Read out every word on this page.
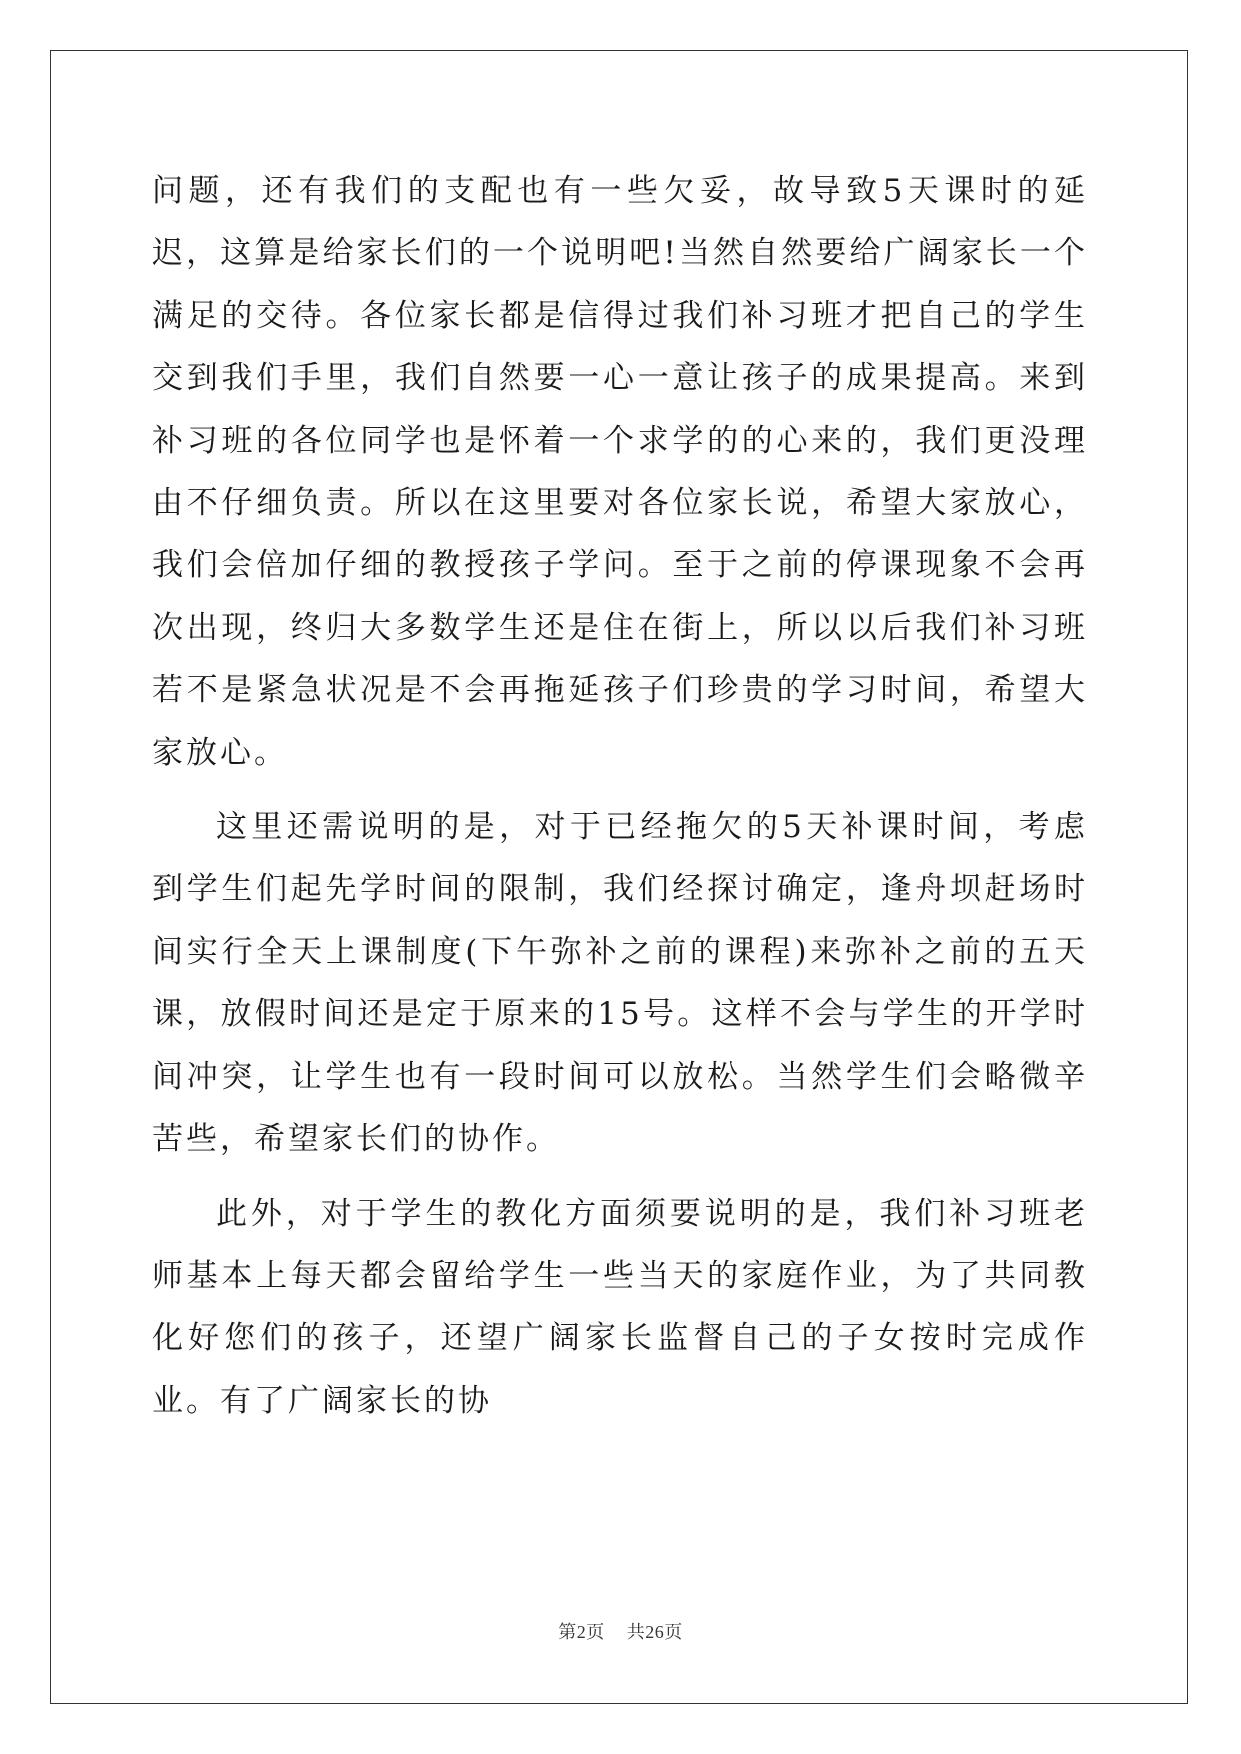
问题，还有我们的支配也有一些欠妥，故导致5天课时的延迟，这算是给家长们的一个说明吧!当然自然要给广阔家长一个满足的交待。各位家长都是信得过我们补习班才把自己的学生交到我们手里，我们自然要一心一意让孩子的成果提高。来到补习班的各位同学也是怀着一个求学的的心来的，我们更没理由不仔细负责。所以在这里要对各位家长说，希望大家放心，我们会倍加仔细的教授孩子学问。至于之前的停课现象不会再次出现，终归大多数学生还是住在街上，所以以后我们补习班若不是紧急状况是不会再拖延孩子们珍贵的学习时间，希望大家放心。

这里还需说明的是，对于已经拖欠的5天补课时间，考虑到学生们起先学时间的限制，我们经探讨确定，逢舟坝赶场时间实行全天上课制度(下午弥补之前的课程)来弥补之前的五天课，放假时间还是定于原来的15号。这样不会与学生的开学时间冲突，让学生也有一段时间可以放松。当然学生们会略微辛苦些，希望家长们的协作。

此外，对于学生的教化方面须要说明的是，我们补习班老师基本上每天都会留给学生一些当天的家庭作业，为了共同教化好您们的孩子，还望广阔家长监督自己的子女按时完成作业。有了广阔家长的协

第2页 共26页
